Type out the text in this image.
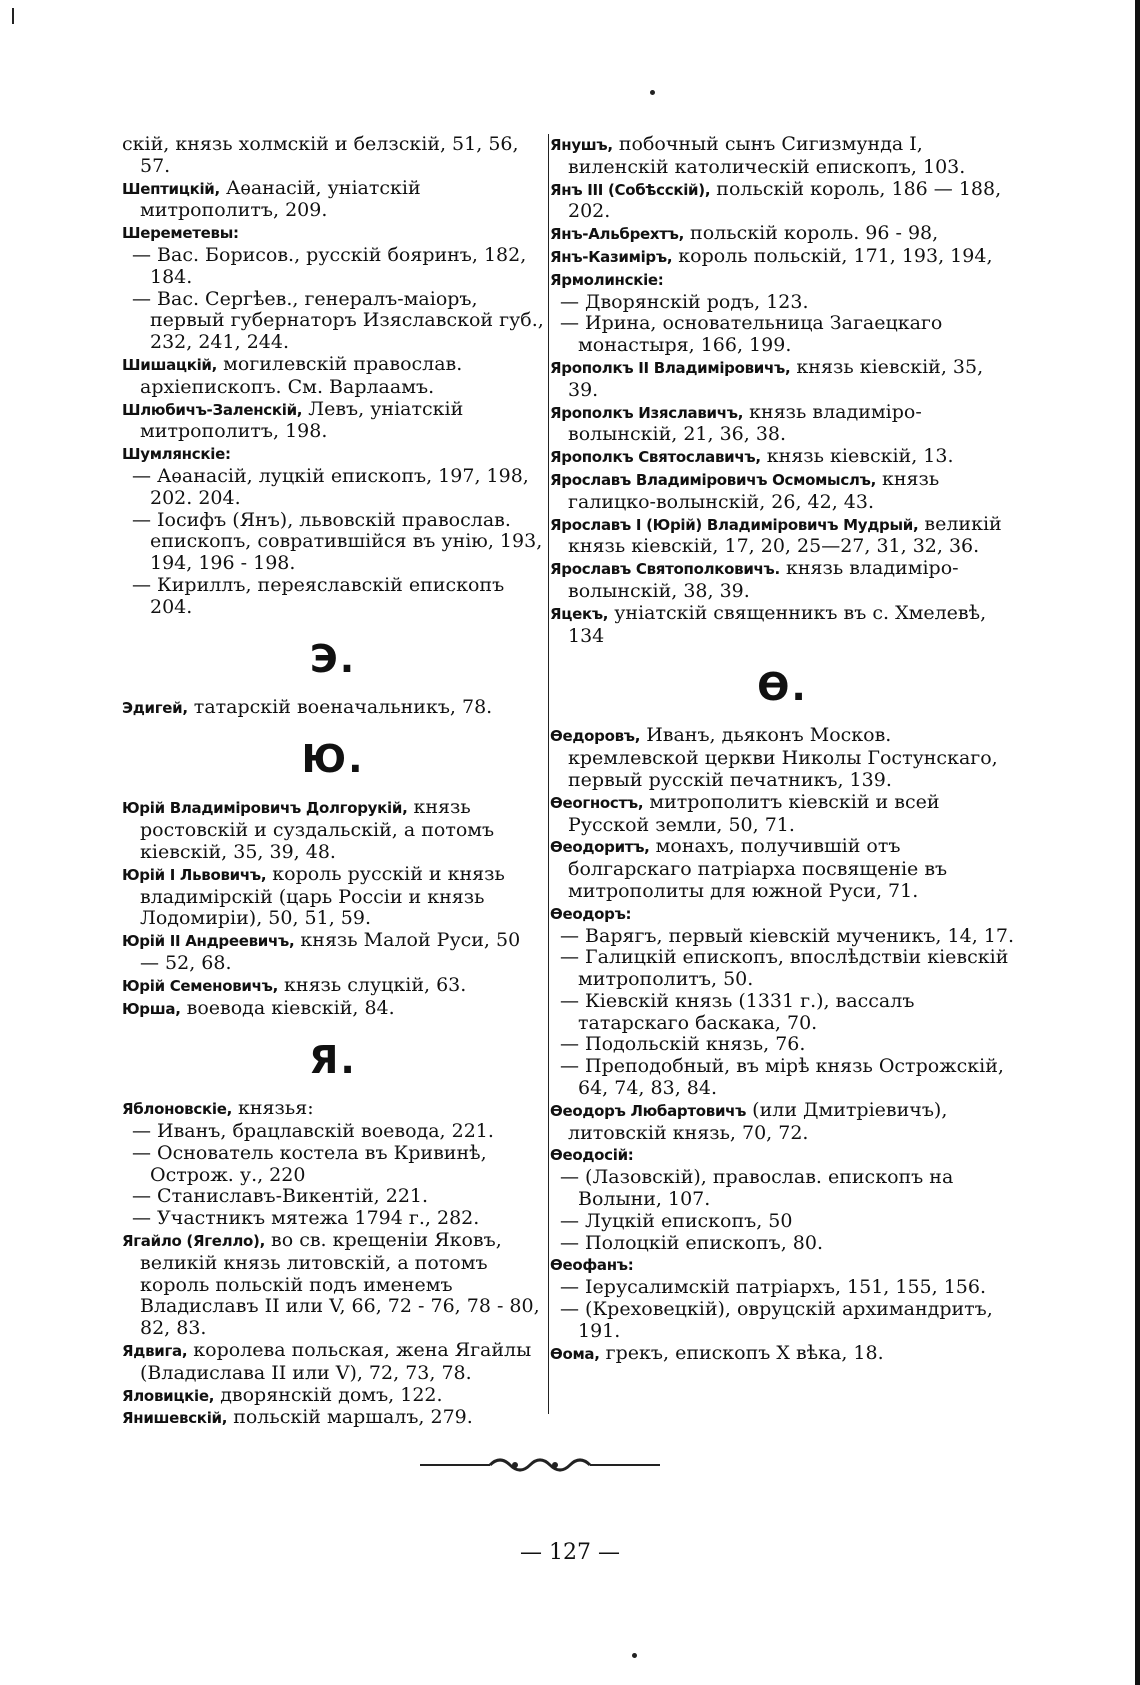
скій, князь холмскій и белзскій, 51, 56, 57.

Шептицкій, Аѳанасій, уніатскій митрополитъ, 209.

Шереметевы:

— Вас. Борисов., русскій бояринъ, 182, 184.

— Вас. Сергѣев., генералъ-маіоръ, первый губернаторъ Изяславской губ., 232, 241, 244.

Шишацкій, могилевскій православ. архіепископъ. См. Варлаамъ.

Шлюбичъ-Заленскій, Левъ, уніатскій митрополитъ, 198.

Шумлянскіе:

— Аѳанасій, луцкій епископъ, 197, 198, 202. 204.

— Іосифъ (Янъ), львовскій православ. епископъ, совратившійся въ унію, 193, 194, 196 - 198.

— Кириллъ, переяславскій епископъ 204.

Э.

Эдигей, татарскій военачальникъ, 78.

Ю.

Юрій Владиміровичъ Долгорукій, князь ростовскій и суздальскій, а потомъ кіевскій, 35, 39, 48.

Юрій I Львовичъ, король русскій и князь владимірскій (царь Россіи и князь Лодомиріи), 50, 51, 59.

Юрій II Андреевичъ, князь Малой Руси, 50 — 52, 68.

Юрій Семеновичъ, князь слуцкій, 63.

Юрша, воевода кіевскій, 84.

Я.

Яблоновскіе, князья:

— Иванъ, брацлавскій воевода, 221.

— Основатель костела въ Кривинѣ, Острож. у., 220

— Станиславъ-Викентій, 221.

— Участникъ мятежа 1794 г., 282.

Ягайло (Ягелло), во св. крещеніи Яковъ, великій князь литовскій, а потомъ король польскій подъ именемъ Владиславъ II или V, 66, 72 - 76, 78 - 80, 82, 83.

Ядвига, королева польская, жена Ягайлы (Владислава II или V), 72, 73, 78.

Яловицкіе, дворянскій домъ, 122.

Янишевскій, польскій маршалъ, 279.

Янушъ, побочный сынъ Сигизмунда I, виленскій католическій епископъ, 103.

Янъ III (Собѣсскій), польскій король, 186 — 188, 202.

Янъ-Альбрехтъ, польскій король. 96 - 98,

Янъ-Казиміръ, король польскій, 171, 193, 194,

Ярмолинскіе:

— Дворянскій родъ, 123.

— Ирина, основательница Загаецкаго монастыря, 166, 199.

Ярополкъ II Владиміровичъ, князь кіевскій, 35, 39.

Ярополкъ Изяславичъ, князь владиміро-волынскій, 21, 36, 38.

Ярополкъ Святославичъ, князь кіевскій, 13.

Ярославъ Владиміровичъ Осмомыслъ, князь галицко-волынскій, 26, 42, 43.

Ярославъ I (Юрій) Владиміровичъ Мудрый, великій князь кіевскій, 17, 20, 25—27, 31, 32, 36.

Ярославъ Святополковичъ. князь владиміро-волынскій, 38, 39.

Яцекъ, уніатскій священникъ въ с. Хмелевѣ, 134

Ѳ.

Ѳедоровъ, Иванъ, дьяконъ Москов. кремлевской церкви Николы Гостунскаго, первый русскій печатникъ, 139.

Ѳеогностъ, митрополитъ кіевскій и всей Русской земли, 50, 71.

Ѳеодоритъ, монахъ, получившій отъ болгарскаго патріарха посвященіе въ митрополиты для южной Руси, 71.

Ѳеодоръ:

— Варягъ, первый кіевскій мученикъ, 14, 17.

— Галицкій епископъ, впослѣдствіи кіевскій митрополитъ, 50.

— Кіевскій князь (1331 г.), вассалъ татарскаго баскака, 70.

— Подольскій князь, 76.

— Преподобный, въ мірѣ князь Острожскій, 64, 74, 83, 84.

Ѳеодоръ Любартовичъ (или Дмитріевичъ), литовскій князь, 70, 72.

Ѳеодосій:

— (Лазовскій), православ. епископъ на Волыни, 107.

— Луцкій епископъ, 50

— Полоцкій епископъ, 80.

Ѳеофанъ:

— Іерусалимскій патріархъ, 151, 155, 156.

— (Креховецкій), овруцскій архимандритъ, 191.

Ѳома, грекъ, епископъ X вѣка, 18.

— 127 —
